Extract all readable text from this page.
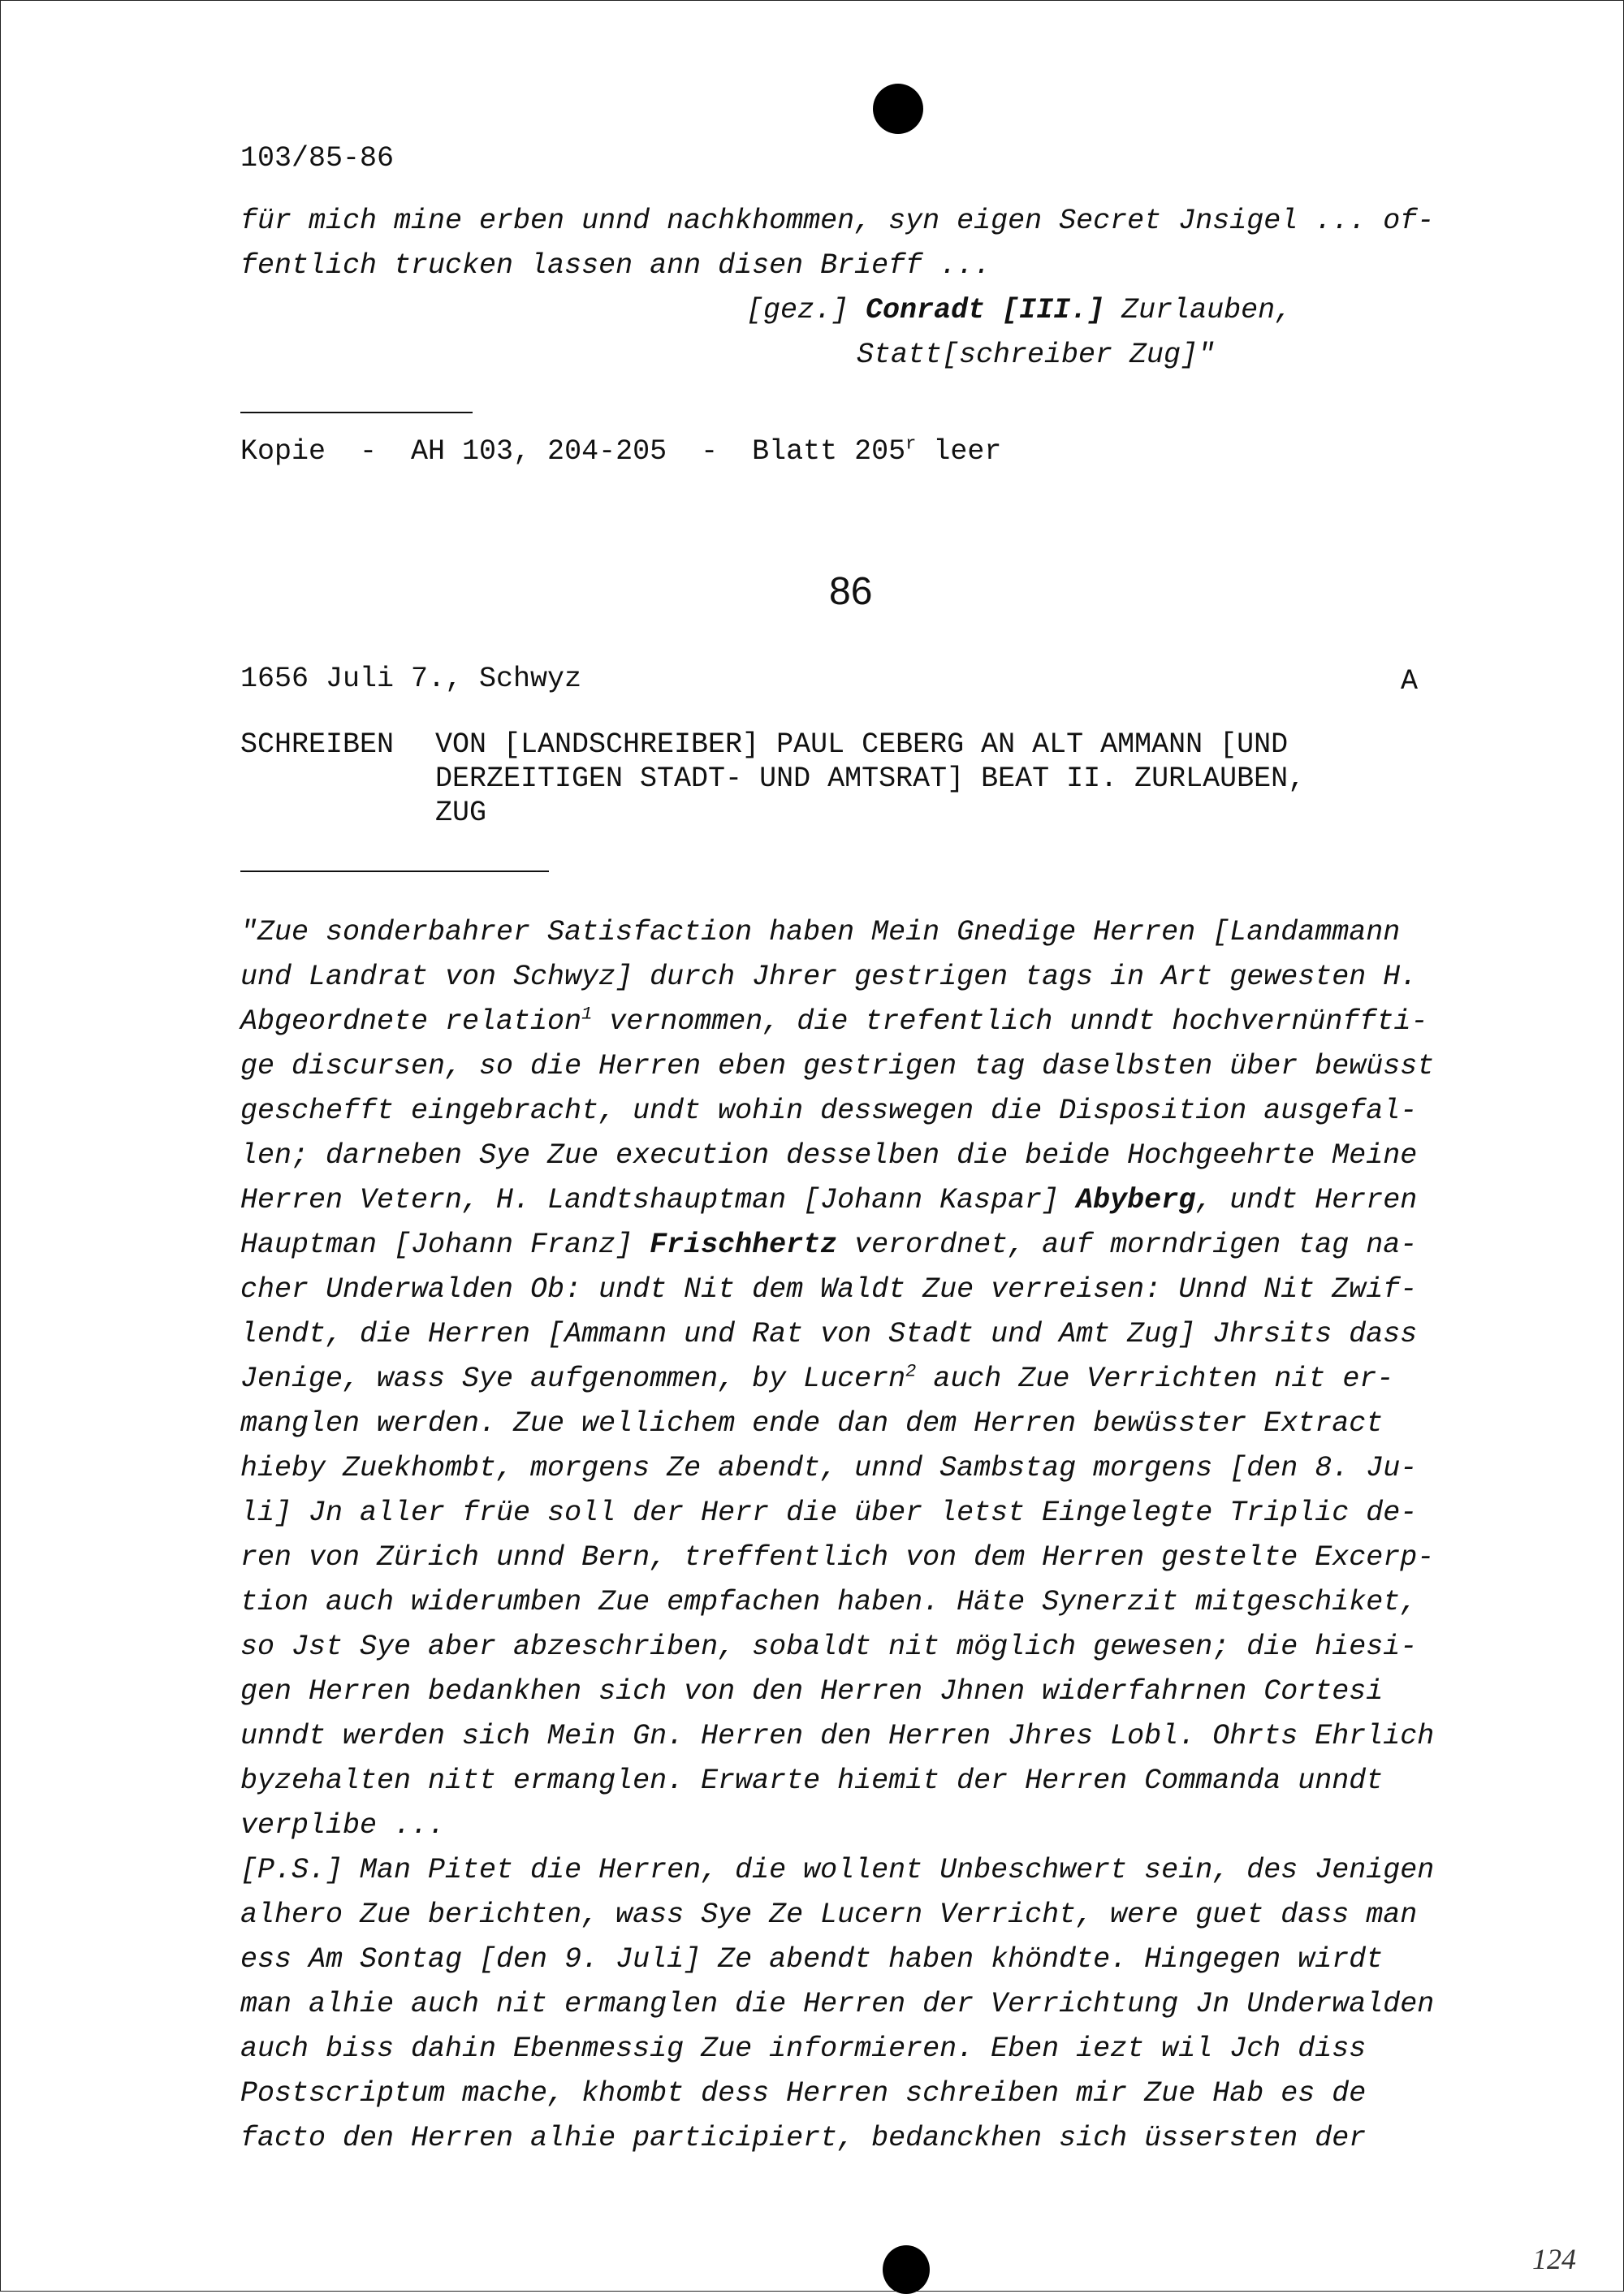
103/85-86
für mich mine erben unnd nachkhommen, syn eigen Secret Jnsigel ... of-
fentlich trucken lassen ann disen Brieff ...
[gez.] Conradt [III.] Zurlauben,
Statt[schreiber Zug]"
Kopie  -  AH 103, 204-205  -  Blatt 205$^r$ leer
86
1656 Juli 7., Schwyz	A
SCHREIBEN VON [LANDSCHREIBER] PAUL CEBERG AN ALT AMMANN [UND
DERZEITIGEN STADT- UND AMTSRAT] BEAT II. ZURLAUBEN,
ZUG
"Zue sonderbahrer Satisfaction haben Mein Gnedige Herren [Landammann
und Landrat von Schwyz] durch Jhrer gestrigen tags in Art gewesten H.
Abgeordnete relation$^1$ vernommen, die trefentlich unndt hochvernünffti-
ge discursen, so die Herren eben gestrigen tag daselbsten über bewüsst
geschefft eingebracht, undt wohin desswegen die Disposition ausgefal-
len; darneben Sye Zue execution desselben die beide Hochgeehrte Meine
Herren Vetern, H. Landtshauptman [Johann Kaspar] Abyberg, undt Herren
Hauptman [Johann Franz] Frischhertz verordnet, auf morndrigen tag na-
cher Underwalden Ob: undt Nit dem Waldt Zue verreisen: Unnd Nit Zwif-
lendt, die Herren [Ammann und Rat von Stadt und Amt Zug] Jhrsits dass
Jenige, wass Sye aufgenommen, by Lucern$^2$ auch Zue Verrichten nit er-
manglen werden. Zue wellichem ende dan dem Herren bewüsster Extract
hieby Zuekhombt, morgens Ze abendt, unnd Sambstag morgens [den 8. Ju-
li] Jn aller früe soll der Herr die über letst Eingelegte Triplic de-
ren von Zürich unnd Bern, treffentlich von dem Herren gestelte Excerp-
tion auch widerumben Zue empfachen haben. Häte Synerzit mitgeschiket,
so Jst Sye aber abzeschriben, sobaldt nit möglich gewesen; die hiesi-
gen Herren bedankhen sich von den Herren Jhnen widerfahrnen Cortesi
unndt werden sich Mein Gn. Herren den Herren Jhres Lobl. Ohrts Ehrlich
byzehalten nitt ermanglen. Erwarte hiemit der Herren Commanda unndt
verplibe ...
[P.S.] Man Pitet die Herren, die wollent Unbeschwert sein, des Jenigen
alhero Zue berichten, wass Sye Ze Lucern Verricht, were guet dass man
ess Am Sontag [den 9. Juli] Ze abendt haben khöndte. Hingegen wirdt
man alhie auch nit ermanglen die Herren der Verrichtung Jn Underwalden
auch biss dahin Ebenmessig Zue informieren. Eben iezt wil Jch diss
Postscriptum mache, khombt dess Herren schreiben mir Zue Hab es de
facto den Herren alhie participiert, bedanckhen sich üssersten der
124
